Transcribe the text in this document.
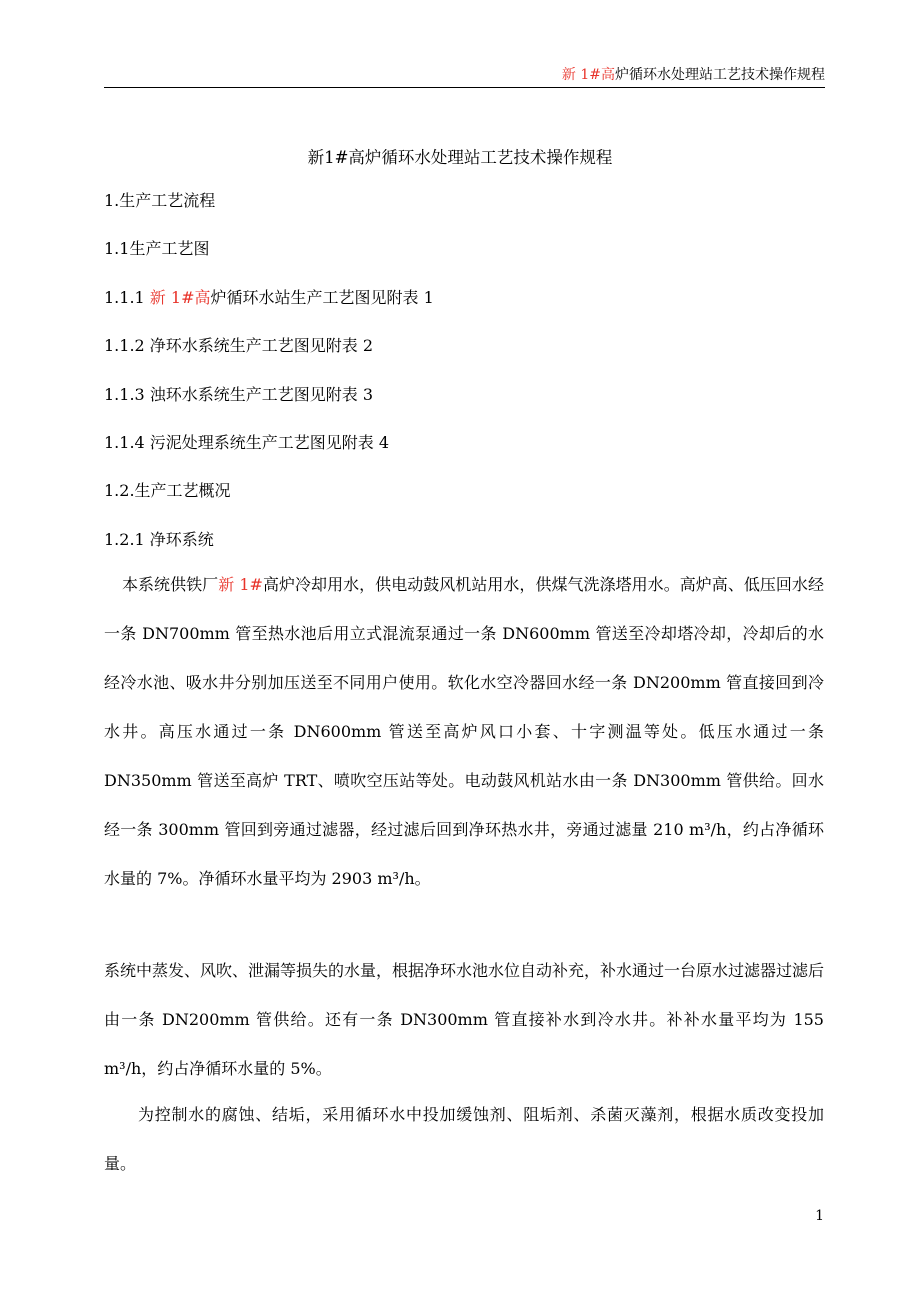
新 1#高炉循环水处理站工艺技术操作规程
新1#高炉循环水处理站工艺技术操作规程
1.生产工艺流程
1.1生产工艺图
1.1.1 新 1#高炉循环水站生产工艺图见附表 1
1.1.2 净环水系统生产工艺图见附表 2
1.1.3 浊环水系统生产工艺图见附表 3
1.1.4 污泥处理系统生产工艺图见附表 4
1.2.生产工艺概况
1.2.1 净环系统

本系统供铁厂新 1#高炉冷却用水，供电动鼓风机站用水，供煤气洗涤塔用水。高炉高、低压回水经一条 DN700mm 管至热水池后用立式混流泵通过一条 DN600mm 管送至冷却塔冷却，冷却后的水经冷水池、吸水井分别加压送至不同用户使用。软化水空冷器回水经一条 DN200mm 管直接回到冷水井。高压水通过一条 DN600mm 管送至高炉风口小套、十字测温等处。低压水通过一条 DN350mm 管送至高炉 TRT、喷吹空压站等处。电动鼓风机站水由一条 DN300mm 管供给。回水经一条 300mm 管回到旁通过滤器，经过滤后回到净环热水井，旁通过滤量 210 m³/h，约占净循环水量的 7%。净循环水量平均为 2903 m³/h。

系统中蒸发、风吹、泄漏等损失的水量，根据净环水池水位自动补充，补水通过一台原水过滤器过滤后由一条 DN200mm 管供给。还有一条 DN300mm 管直接补水到冷水井。补补水量平均为 155 m³/h，约占净循环水量的 5%。

为控制水的腐蚀、结垢，采用循环水中投加缓蚀剂、阻垢剂、杀菌灭藻剂，根据水质改变投加量。

1
